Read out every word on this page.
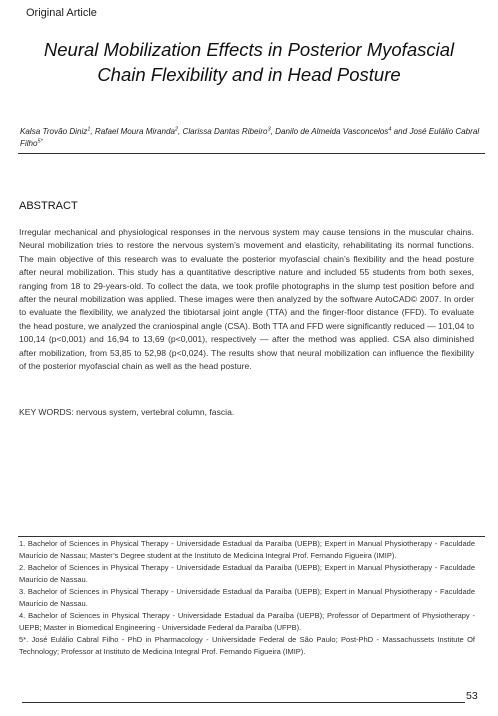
Original Article
Neural Mobilization Effects in Posterior Myofascial
Chain Flexibility and in Head Posture
Kalsa Trovão Diniz$^1$, Rafael Moura Miranda$^2$, Clarissa Dantas Ribeiro$^3$, Danilo de Almeida Vasconcelos$^4$ and José Eulálio Cabral Filho$^{5*}$
ABSTRACT
Irregular mechanical and physiological responses in the nervous system may cause tensions in the muscular chains. Neural mobilization tries to restore the nervous system’s movement and elasticity, rehabilitating its normal functions. The main objective of this research was to evaluate the posterior myofascial chain’s flexibility and the head posture after neural mobilization. This study has a quantitative descriptive nature and included 55 students from both sexes, ranging from 18 to 29-years-old. To collect the data, we took profile photographs in the slump test position before and after the neural mobilization was applied. These images were then analyzed by the software AutoCAD© 2007. In order to evaluate the flexibility, we analyzed the tibiotarsal joint angle (TTA) and the finger-floor distance (FFD). To evaluate the head posture, we analyzed the craniospinal angle (CSA). Both TTA and FFD were significantly reduced — 101,04 to 100,14 (p<0,001) and 16,94 to 13,69 (p<0,001), respectively — after the method was applied. CSA also diminished after mobilization, from 53,85 to 52,98 (p<0,024). The results show that neural mobilization can influence the flexibility of the posterior myofascial chain as well as the head posture.
KEY WORDS: nervous system, vertebral column, fascia.

1. Bachelor of Sciences in Physical Therapy - Universidade Estadual da Paraíba (UEPB); Expert in Manual Physiotherapy - Faculdade Maurício de Nassau; Master’s Degree student at the Instituto de Medicina Integral Prof. Fernando Figueira (IMIP).

2. Bachelor of Sciences in Physical Therapy - Universidade Estadual da Paraíba (UEPB); Expert in Manual Physiotherapy - Faculdade Maurício de Nassau.

3. Bachelor of Sciences in Physical Therapy - Universidade Estadual da Paraíba (UEPB); Expert in Manual Physiotherapy - Faculdade Maurício de Nassau.

4. Bachelor of Sciences in Physical Therapy - Universidade Estadual da Paraíba (UEPB); Professor of Department of Physiotherapy - UEPB; Master in Biomedical Engineering - Universidade Federal da Paraíba (UFPB).

5*. José Eulálio Cabral Filho - PhD in Pharmacology - Universidade Federal de São Paulo; Post-PhD - Massachussets Institute Of Technology; Professor at Instituto de Medicina Integral Prof. Fernando Figueira (IMIP).

53
